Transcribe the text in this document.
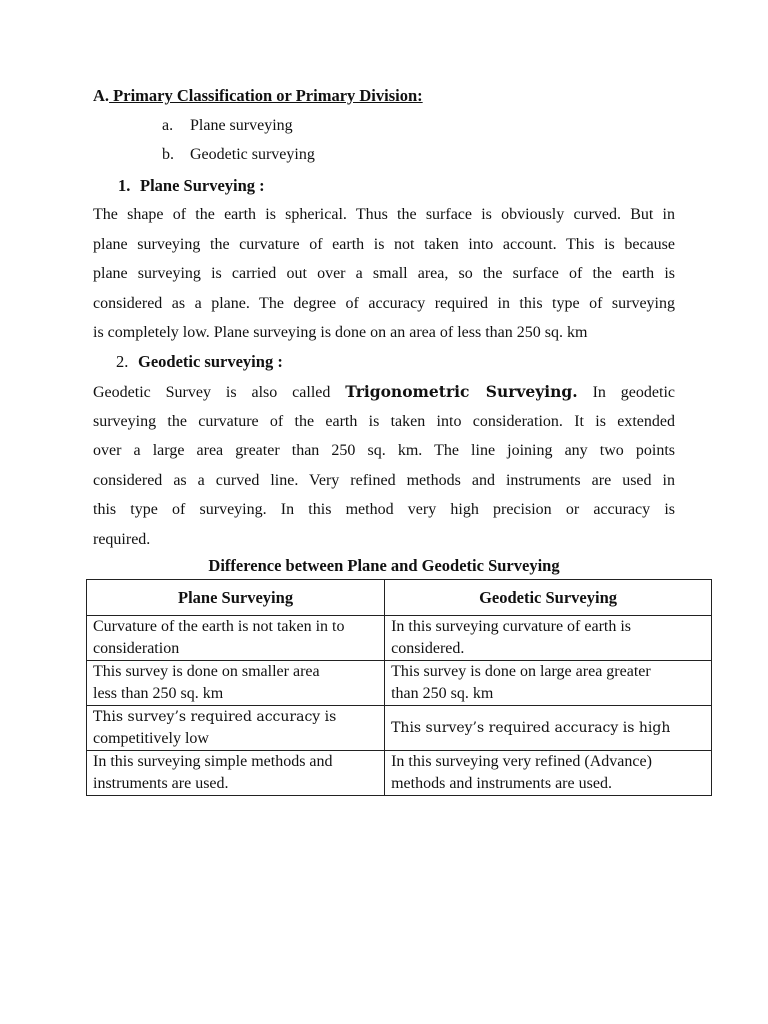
A. Primary Classification or Primary Division:
a. Plane surveying
b. Geodetic surveying
1. Plane Surveying :
The shape of the earth is spherical. Thus the surface is obviously curved. But in
plane surveying the curvature of earth is not taken into account. This is because
plane surveying is carried out over a small area, so the surface of the earth is
considered as a plane. The degree of accuracy required in this type of surveying
is completely low. Plane surveying is done on an area of less than 250 sq. km
2. Geodetic surveying :
Geodetic Survey is also called Trigonometric Surveying. In geodetic
surveying the curvature of the earth is taken into consideration. It is extended
over a large area greater than 250 sq. km. The line joining any two points
considered as a curved line. Very refined methods and instruments are used in
this type of surveying. In this method very high precision or accuracy is
required.
Difference between Plane and Geodetic Surveying
Plane Surveying	Geodetic Surveying
Curvature of the earth is not taken in to
consideration	In this surveying curvature of earth is
considered.
This survey is done on smaller area
less than 250 sq. km	This survey is done on large area greater
than 250 sq. km
This survey’s required accuracy is
competitively low	This survey’s required accuracy is high
In this surveying simple methods and
instruments are used.	In this surveying very refined (Advance)
methods and instruments are used.
